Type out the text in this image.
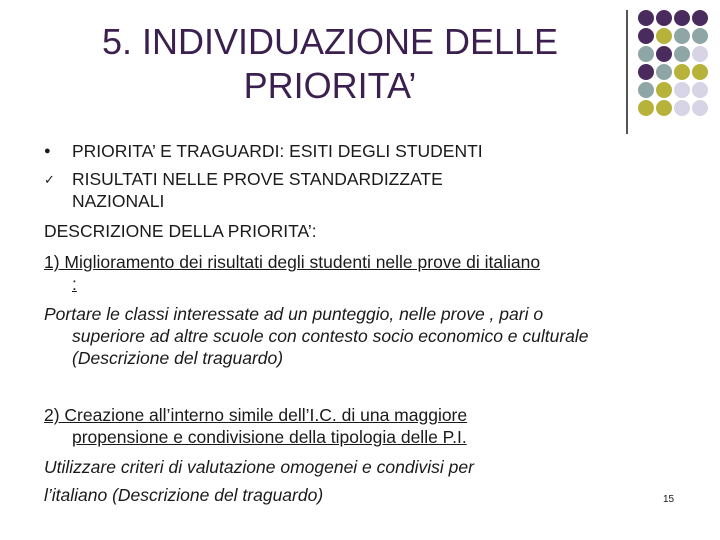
5. INDIVIDUAZIONE DELLE
PRIORITA’
● PRIORITA’ E TRAGUARDI: ESITI DEGLI STUDENTI
✓ RISULTATI NELLE PROVE STANDARDIZZATE
NAZIONALI
DESCRIZIONE DELLA PRIORITA’:
1) Miglioramento dei risultati degli studenti nelle prove di italiano
:
Portare le classi interessate ad un punteggio, nelle prove , pari o
superiore ad altre scuole con contesto socio economico e culturale
(Descrizione del traguardo)
2) Creazione all’interno simile dell’I.C. di una maggiore
propensione e condivisione della tipologia delle P.I.
Utilizzare criteri di valutazione omogenei e condivisi per
l’italiano (Descrizione del traguardo)	15
